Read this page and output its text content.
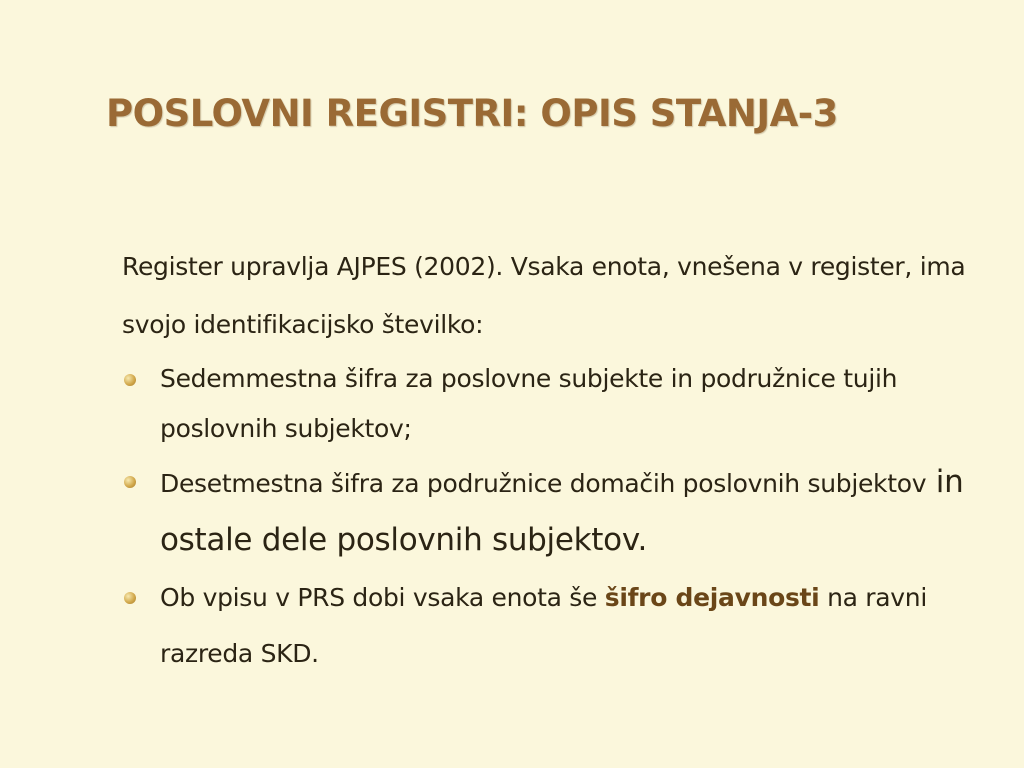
POSLOVNI REGISTRI: OPIS STANJA-3

Register upravlja AJPES (2002). Vsaka enota, vnešena v register, ima svojo identifikacijsko številko:

Sedemmestna šifra za poslovne subjekte in podružnice tujih poslovnih subjektov;
Desetmestna šifra za podružnice domačih poslovnih subjektov in ostale dele poslovnih subjektov.
Ob vpisu v PRS dobi vsaka enota še šifro dejavnosti na ravni razreda SKD.
